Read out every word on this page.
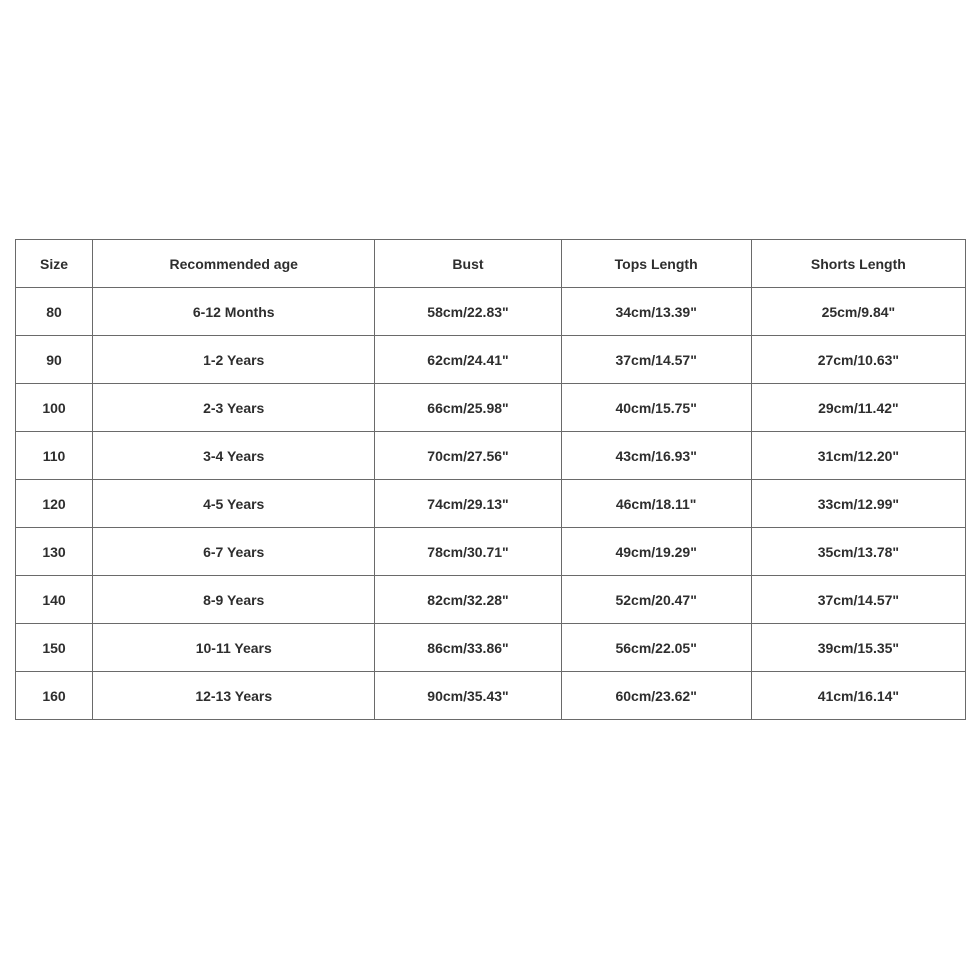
Size	Recommended age	Bust	Tops Length	Shorts Length
80	6-12 Months	58cm/22.83"	34cm/13.39"	25cm/9.84"
90	1-2 Years	62cm/24.41"	37cm/14.57"	27cm/10.63"
100	2-3 Years	66cm/25.98"	40cm/15.75"	29cm/11.42"
110	3-4 Years	70cm/27.56"	43cm/16.93"	31cm/12.20"
120	4-5 Years	74cm/29.13"	46cm/18.11"	33cm/12.99"
130	6-7 Years	78cm/30.71"	49cm/19.29"	35cm/13.78"
140	8-9 Years	82cm/32.28"	52cm/20.47"	37cm/14.57"
150	10-11 Years	86cm/33.86"	56cm/22.05"	39cm/15.35"
160	12-13 Years	90cm/35.43"	60cm/23.62"	41cm/16.14"
